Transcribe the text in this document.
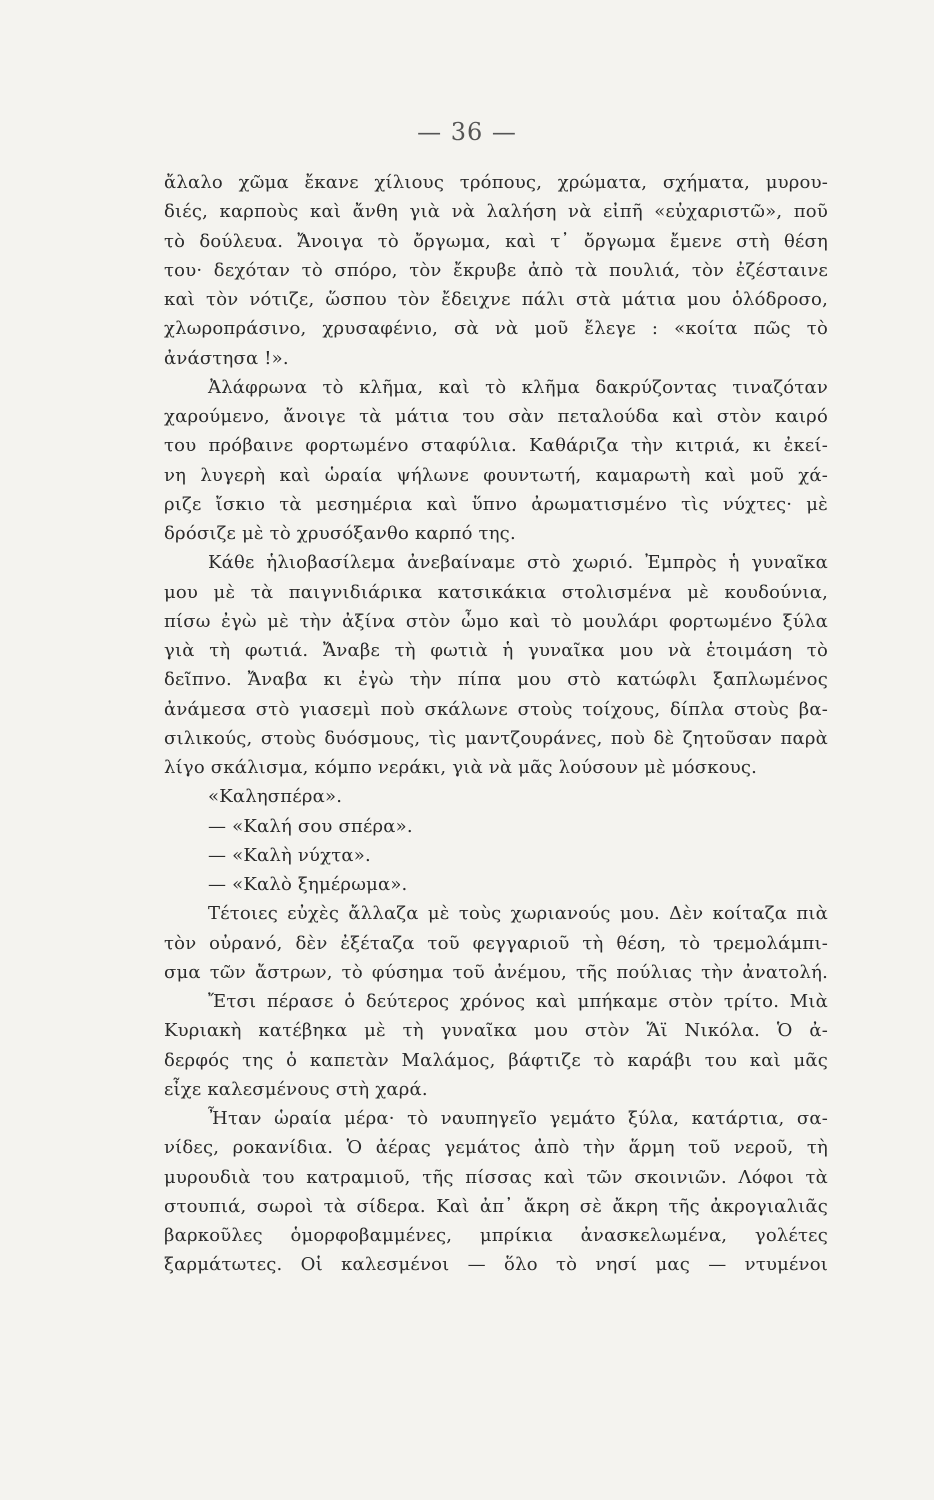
— 36 —
ἄλαλο χῶμα ἔκανε χίλιους τρόπους, χρώματα, σχήματα, μυρου-
διές, καρποὺς καὶ ἄνθη γιὰ νὰ λαλήση νὰ εἰπῆ «εὐχαριστῶ», ποῦ
τὸ δούλευα. Ἄνοιγα τὸ ὄργωμα, καὶ τ᾿ ὄργωμα ἔμενε στὴ θέση
του· δεχόταν τὸ σπόρο, τὸν ἔκρυβε ἀπὸ τὰ πουλιά, τὸν ἐζέσταινε
καὶ τὸν νότιζε, ὥσπου τὸν ἔδειχνε πάλι στὰ μάτια μου ὁλόδροσο,
χλωροπράσινο, χρυσαφένιο, σὰ νὰ μοῦ ἔλεγε : «κοίτα πῶς τὸ
ἀνάστησα !».
Ἀλάφρωνα τὸ κλῆμα, καὶ τὸ κλῆμα δακρύζοντας τιναζόταν
χαρούμενο, ἄνοιγε τὰ μάτια του σὰν πεταλούδα καὶ στὸν καιρό
του πρόβαινε φορτωμένο σταφύλια. Καθάριζα τὴν κιτριά, κι ἐκεί-
νη λυγερὴ καὶ ὡραία ψήλωνε φουντωτή, καμαρωτὴ καὶ μοῦ χά-
ριζε ἴσκιο τὰ μεσημέρια καὶ ὕπνο ἀρωματισμένο τὶς νύχτες· μὲ
δρόσιζε μὲ τὸ χρυσόξανθο καρπό της.
Κάθε ἡλιοβασίλεμα ἀνεβαίναμε στὸ χωριό. Ἐμπρὸς ἡ γυναῖκα
μου μὲ τὰ παιγνιδιάρικα κατσικάκια στολισμένα μὲ κουδούνια,
πίσω ἐγὼ μὲ τὴν ἀξίνα στὸν ὦμο καὶ τὸ μουλάρι φορτωμένο ξύλα
γιὰ τὴ φωτιά. Ἄναβε τὴ φωτιὰ ἡ γυναῖκα μου νὰ ἑτοιμάση τὸ
δεῖπνο. Ἄναβα κι ἐγὼ τὴν πίπα μου στὸ κατώφλι ξαπλωμένος
ἀνάμεσα στὸ γιασεμὶ ποὺ σκάλωνε στοὺς τοίχους, δίπλα στοὺς βα-
σιλικούς, στοὺς δυόσμους, τὶς μαντζουράνες, ποὺ δὲ ζητοῦσαν παρὰ
λίγο σκάλισμα, κόμπο νεράκι, γιὰ νὰ μᾶς λούσουν μὲ μόσκους.
«Καλησπέρα».
— «Καλή σου σπέρα».
— «Καλὴ νύχτα».
— «Καλὸ ξημέρωμα».
Τέτοιες εὐχὲς ἄλλαζα μὲ τοὺς χωριανούς μου. Δὲν κοίταζα πιὰ
τὸν οὐρανό, δὲν ἐξέταζα τοῦ φεγγαριοῦ τὴ θέση, τὸ τρεμολάμπι-
σμα τῶν ἄστρων, τὸ φύσημα τοῦ ἀνέμου, τῆς πούλιας τὴν ἀνατολή.
Ἔτσι πέρασε ὁ δεύτερος χρόνος καὶ μπήκαμε στὸν τρίτο. Μιὰ
Κυριακὴ κατέβηκα μὲ τὴ γυναῖκα μου στὸν Ἅϊ Νικόλα. Ὁ ἀ-
δερφός της ὁ καπετὰν Μαλάμος, βάφτιζε τὸ καράβι του καὶ μᾶς
εἶχε καλεσμένους στὴ χαρά.
Ἦταν ὡραία μέρα· τὸ ναυπηγεῖο γεμάτο ξύλα, κατάρτια, σα-
νίδες, ροκανίδια. Ὁ ἀέρας γεμάτος ἀπὸ τὴν ἅρμη τοῦ νεροῦ, τὴ
μυρουδιὰ του κατραμιοῦ, τῆς πίσσας καὶ τῶν σκοινιῶν. Λόφοι τὰ
στουπιά, σωροὶ τὰ σίδερα. Καὶ ἀπ᾿ ἄκρη σὲ ἄκρη τῆς ἀκρογιαλιᾶς
βαρκοῦλες ὁμορφοβαμμένες, μπρίκια ἀνασκελωμένα, γολέτες
ξαρμάτωτες. Οἱ καλεσμένοι — ὅλο τὸ νησί μας — ντυμένοι
